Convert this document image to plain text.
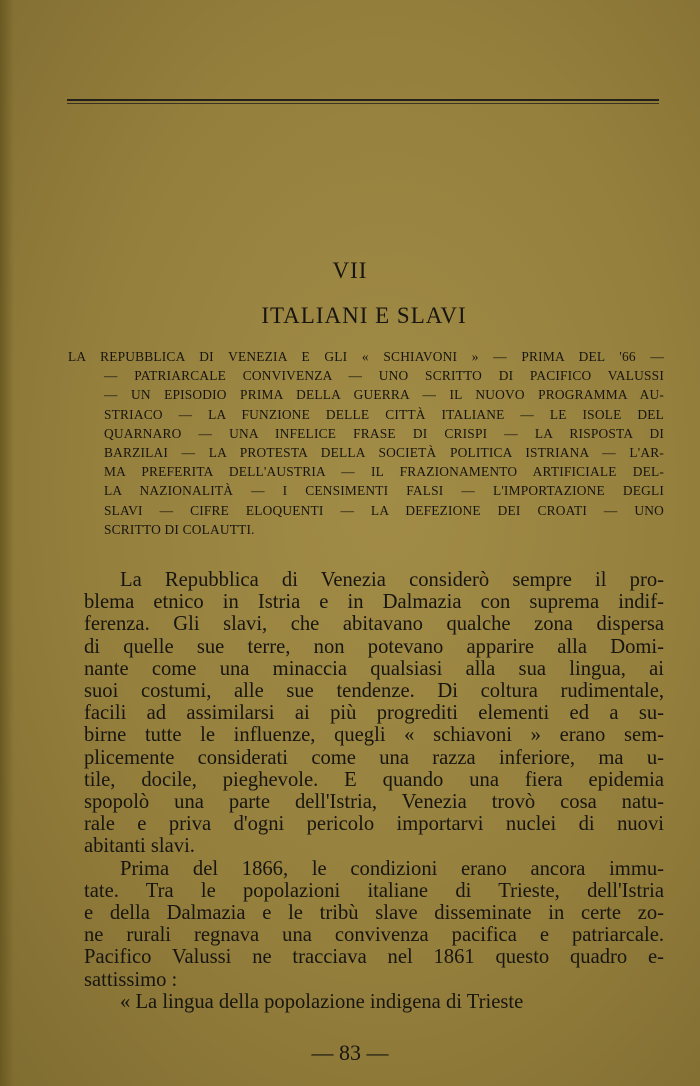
VII
ITALIANI E SLAVI
LA REPUBBLICA DI VENEZIA E GLI « SCHIAVONI » — PRIMA DEL '66 —
— PATRIARCALE CONVIVENZA — UNO SCRITTO DI PACIFICO VALUSSI
— UN EPISODIO PRIMA DELLA GUERRA — IL NUOVO PROGRAMMA AU-
STRIACO — LA FUNZIONE DELLE CITTÀ ITALIANE — LE ISOLE DEL
QUARNARO — UNA INFELICE FRASE DI CRISPI — LA RISPOSTA DI
BARZILAI — LA PROTESTA DELLA SOCIETÀ POLITICA ISTRIANA — L'AR-
MA PREFERITA DELL'AUSTRIA — IL FRAZIONAMENTO ARTIFICIALE DEL-
LA NAZIONALITÀ — I CENSIMENTI FALSI — L'IMPORTAZIONE DEGLI
SLAVI — CIFRE ELOQUENTI — LA DEFEZIONE DEI CROATI — UNO
SCRITTO DI COLAUTTI.
La Repubblica di Venezia considerò sempre il pro-
blema etnico in Istria e in Dalmazia con suprema indif-
ferenza. Gli slavi, che abitavano qualche zona dispersa
di quelle sue terre, non potevano apparire alla Domi-
nante come una minaccia qualsiasi alla sua lingua, ai
suoi costumi, alle sue tendenze. Di coltura rudimentale,
facili ad assimilarsi ai più progrediti elementi ed a su-
birne tutte le influenze, quegli « schiavoni » erano sem-
plicemente considerati come una razza inferiore, ma u-
tile, docile, pieghevole. E quando una fiera epidemia
spopolò una parte dell'Istria, Venezia trovò cosa natu-
rale e priva d'ogni pericolo importarvi nuclei di nuovi
abitanti slavi.
Prima del 1866, le condizioni erano ancora immu-
tate. Tra le popolazioni italiane di Trieste, dell'Istria
e della Dalmazia e le tribù slave disseminate in certe zo-
ne rurali regnava una convivenza pacifica e patriarcale.
Pacifico Valussi ne tracciava nel 1861 questo quadro e-
sattissimo :
« La lingua della popolazione indigena di Trieste
— 83 —
